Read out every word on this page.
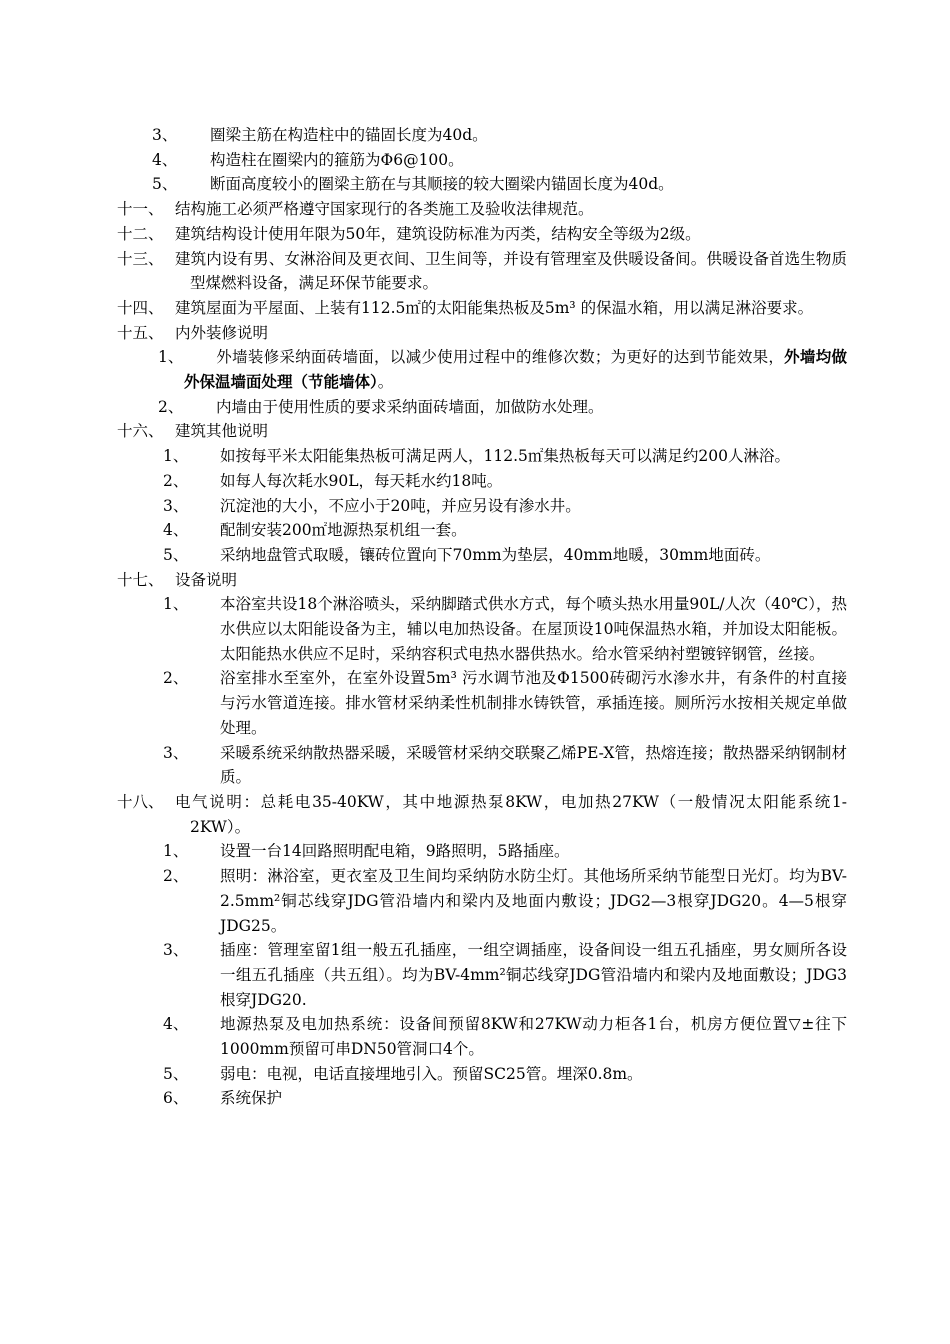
3、 圈梁主筋在构造柱中的锚固长度为40d。
4、 构造柱在圈梁内的箍筋为Φ6@100。
5、 断面高度较小的圈梁主筋在与其顺接的较大圈梁内锚固长度为40d。
十一、 结构施工必须严格遵守国家现行的各类施工及验收法律规范。
十二、 建筑结构设计使用年限为50年，建筑设防标准为丙类，结构安全等级为2级。
十三、 建筑内设有男、女淋浴间及更衣间、卫生间等，并设有管理室及供暖设备间。供暖设备首选生物质型煤燃料设备，满足环保节能要求。
十四、 建筑屋面为平屋面、上装有112.5㎡的太阳能集热板及5m³ 的保温水箱，用以满足淋浴要求。
十五、 内外装修说明
1、	外墙装修采纳面砖墙面，以减少使用过程中的维修次数；为更好的达到节能效果，外墙均做外保温墙面处理（节能墙体）。
2、 内墙由于使用性质的要求采纳面砖墙面，加做防水处理。
十六、 建筑其他说明
1、 如按每平米太阳能集热板可满足两人，112.5㎡集热板每天可以满足约200人淋浴。
2、 如每人每次耗水90L，每天耗水约18吨。
3、 沉淀池的大小，不应小于20吨，并应另设有渗水井。
4、 配制安装200㎡地源热泵机组一套。
5、 采纳地盘管式取暖，镶砖位置向下70mm为垫层，40mm地暖，30mm地面砖。
十七、 设备说明
1、 本浴室共设18个淋浴喷头，采纳脚踏式供水方式，每个喷头热水用量90L/人次（40℃），热水供应以太阳能设备为主，辅以电加热设备。在屋顶设10吨保温热水箱，并加设太阳能板。太阳能热水供应不足时，采纳容积式电热水器供热水。给水管采纳衬塑镀锌钢管，丝接。
2、 浴室排水至室外，在室外设置5m³ 污水调节池及Φ1500砖砌污水渗水井，有条件的村直接与污水管道连接。排水管材采纳柔性机制排水铸铁管，承插连接。厕所污水按相关规定单做处理。
3、 采暖系统采纳散热器采暖，采暖管材采纳交联聚乙烯PE-X管，热熔连接；散热器采纳钢制材质。
十八、 电气说明：总耗电35-40KW，其中地源热泵8KW，电加热27KW（一般情况太阳能系统1-2KW）。
1、 设置一台14回路照明配电箱，9路照明，5路插座。
2、 照明：淋浴室，更衣室及卫生间均采纳防水防尘灯。其他场所采纳节能型日光灯。均为BV-2.5mm²铜芯线穿JDG管沿墙内和梁内及地面内敷设；JDG2—3根穿JDG20。4—5根穿JDG25。
3、 插座：管理室留1组一般五孔插座，一组空调插座，设备间设一组五孔插座，男女厕所各设一组五孔插座（共五组）。均为BV-4mm²铜芯线穿JDG管沿墙内和梁内及地面敷设；JDG3根穿JDG20.
4、 地源热泵及电加热系统：设备间预留8KW和27KW动力柜各1台，机房方便位置▽±往下1000mm预留可串DN50管洞口4个。
5、 弱电：电视，电话直接埋地引入。预留SC25管。埋深0.8m。
6、 系统保护
